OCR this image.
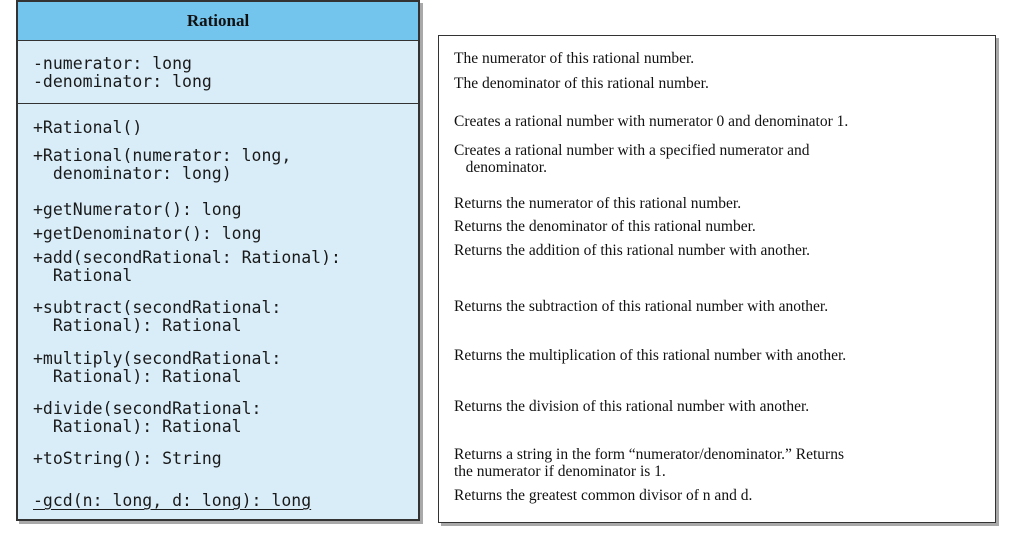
Rational

-numerator: long

-denominator: long

+Rational()

+Rational(numerator: long,
denominator: long)

+getNumerator(): long

+getDenominator(): long

+add(secondRational: Rational):
Rational

+subtract(secondRational:
Rational): Rational

+multiply(secondRational:
Rational): Rational

+divide(secondRational:
Rational): Rational

+toString(): String

-gcd(n: long, d: long): long

The numerator of this rational number.

The denominator of this rational number.

Creates a rational number with numerator 0 and denominator 1.

Creates a rational number with a specified numerator and
denominator.

Returns the numerator of this rational number.

Returns the denominator of this rational number.

Returns the addition of this rational number with another.

Returns the subtraction of this rational number with another.

Returns the multiplication of this rational number with another.

Returns the division of this rational number with another.

Returns a string in the form “numerator/denominator.” Returns
the numerator if denominator is 1.

Returns the greatest common divisor of n and d.
